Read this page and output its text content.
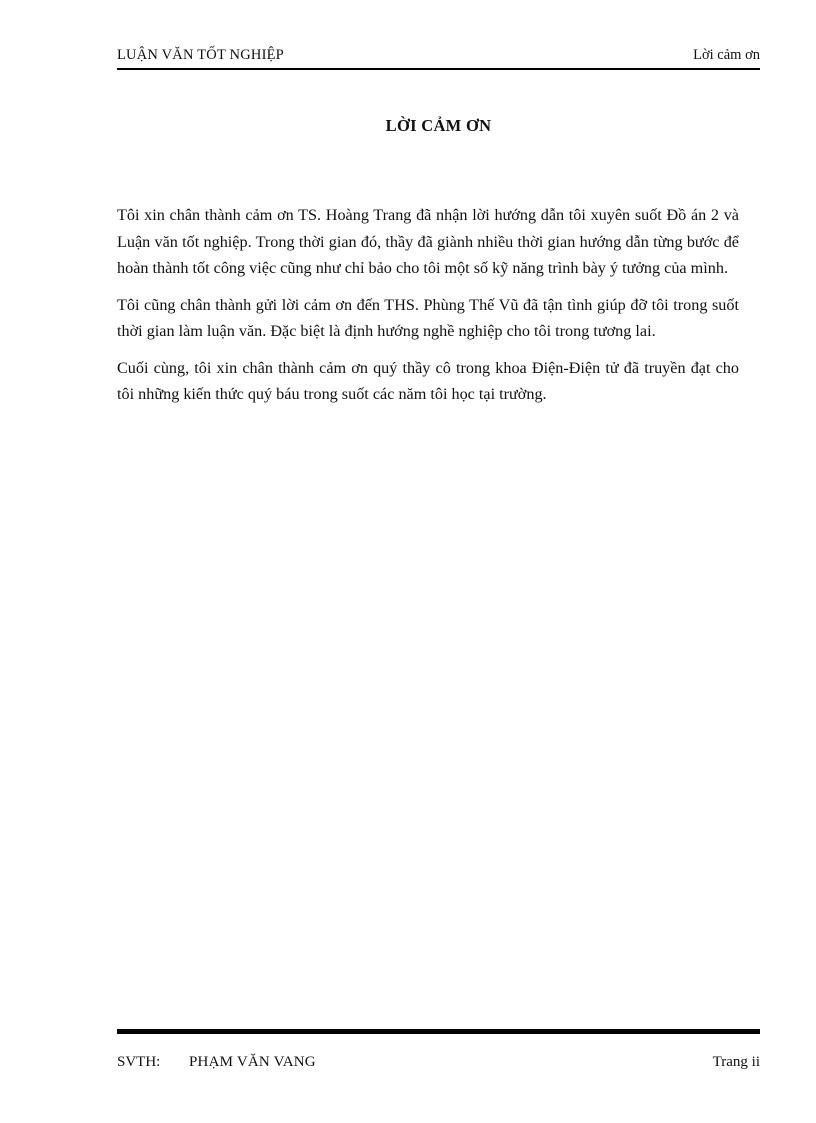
LUẬN VĂN TỐT NGHIỆP	Lời cảm ơn
LỜI CẢM ƠN

Tôi xin chân thành cảm ơn TS. Hoàng Trang đã nhận lời hướng dẫn tôi xuyên suốt Đồ án 2 và Luận văn tốt nghiệp. Trong thời gian đó, thầy đã giành nhiều thời gian hướng dẫn từng bước để hoàn thành tốt công việc cũng như chỉ bảo cho tôi một số kỹ năng trình bày ý tưởng của mình.

Tôi cũng chân thành gửi lời cảm ơn đến THS. Phùng Thế Vũ đã tận tình giúp đỡ tôi trong suốt thời gian làm luận văn. Đặc biệt là định hướng nghề nghiệp cho tôi trong tương lai.

Cuối cùng, tôi xin chân thành cảm ơn quý thầy cô trong khoa Điện-Điện tử đã truyền đạt cho tôi những kiến thức quý báu trong suốt các năm tôi học tại trường.

SVTH: PHẠM VĂN VANG	Trang ii
